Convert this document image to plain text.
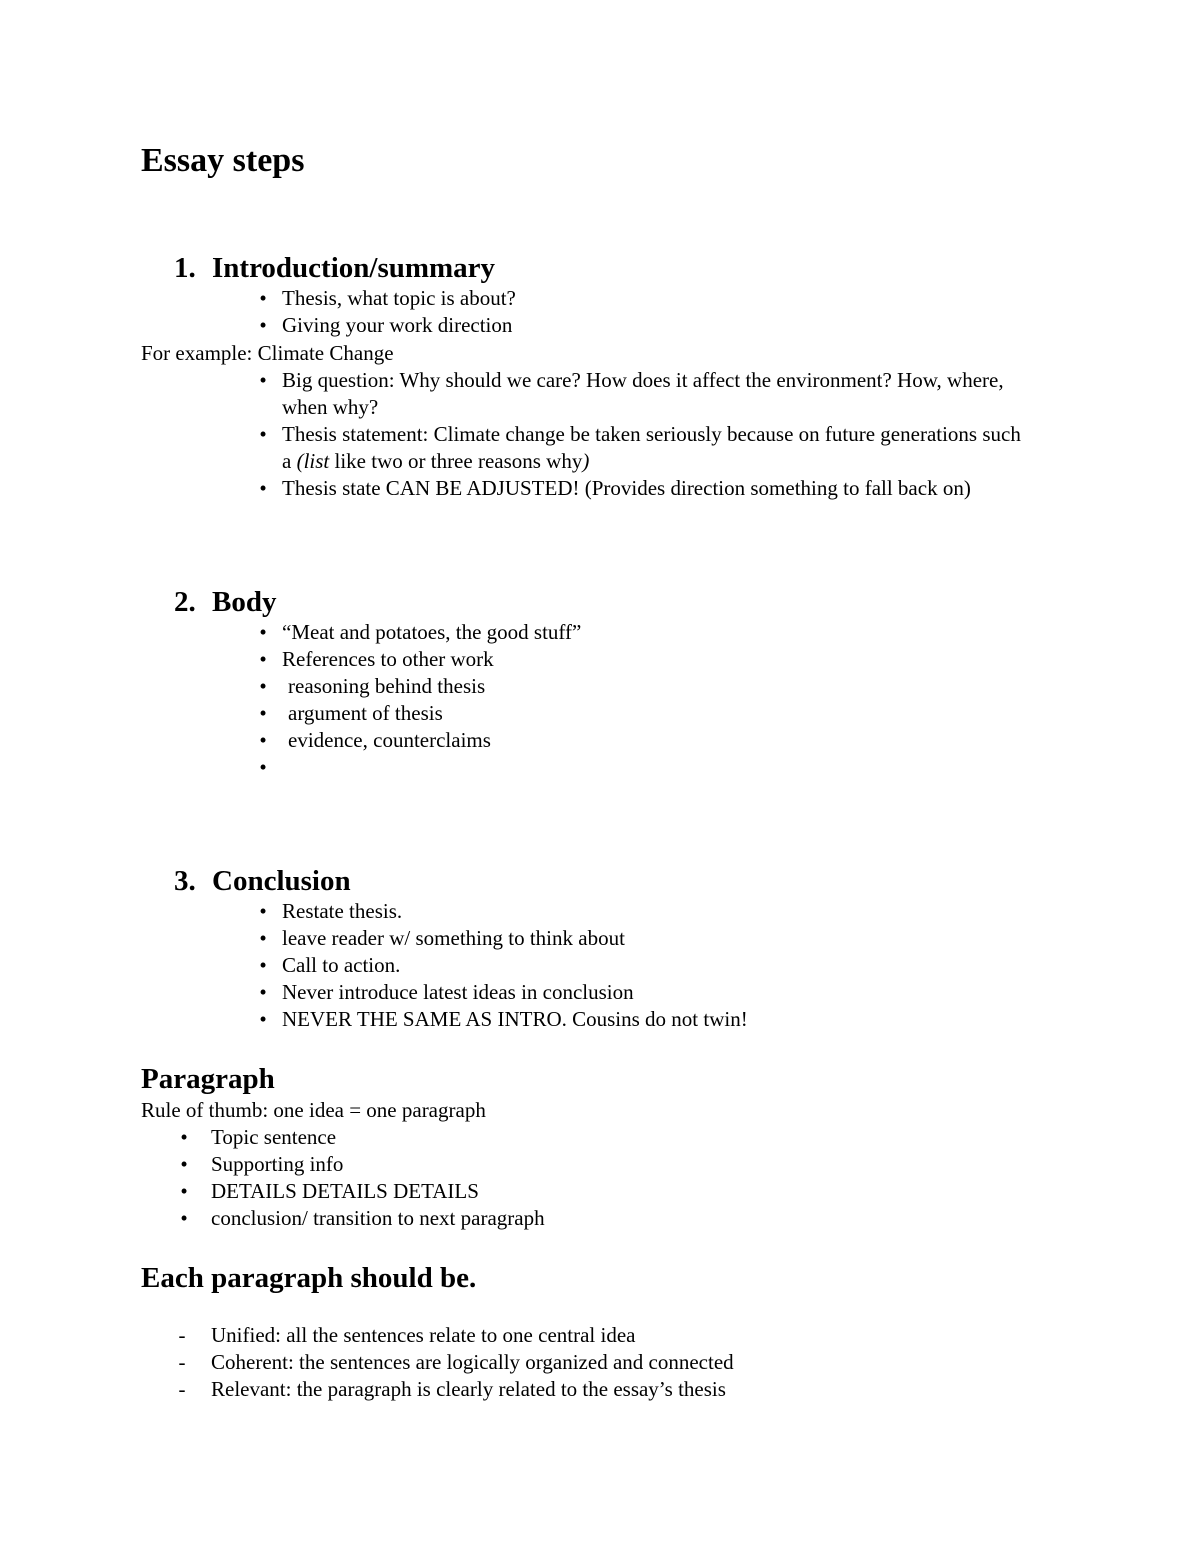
Essay steps
1. Introduction/summary
• Thesis, what topic is about?
• Giving your work direction
For example: Climate Change
• Big question: Why should we care? How does it affect the environment? How, where, when why?
• Thesis statement: Climate change be taken seriously because on future generations such a (list like two or three reasons why)
• Thesis state CAN BE ADJUSTED! (Provides direction something to fall back on)
2. Body
• “Meat and potatoes, the good stuff”
• References to other work
• reasoning behind thesis
• argument of thesis
• evidence, counterclaims
•
3. Conclusion
• Restate thesis.
• leave reader w/ something to think about
• Call to action.
• Never introduce latest ideas in conclusion
• NEVER THE SAME AS INTRO. Cousins do not twin!
Paragraph
Rule of thumb: one idea = one paragraph
• Topic sentence
• Supporting info
• DETAILS DETAILS DETAILS
• conclusion/ transition to next paragraph
Each paragraph should be.
- Unified: all the sentences relate to one central idea
- Coherent: the sentences are logically organized and connected
- Relevant: the paragraph is clearly related to the essay’s thesis
